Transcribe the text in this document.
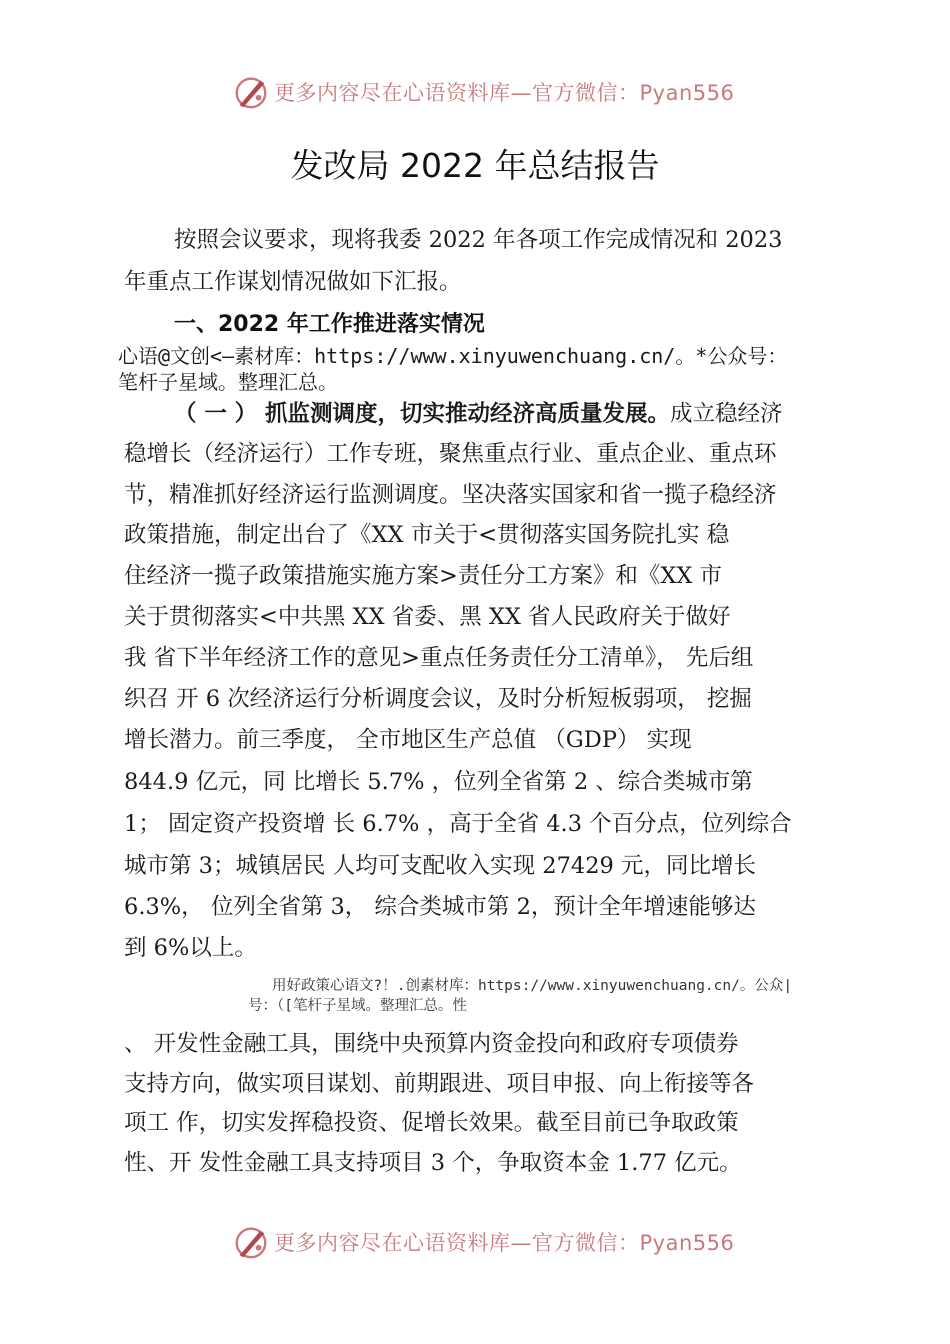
更多内容尽在心语资料库—官方微信：Pyan556
发改局 2022 年总结报告
按照会议要求，现将我委 2022 年各项工作完成情况和 2023
年重点工作谋划情况做如下汇报。
一、2022 年工作推进落实情况
心语@文创<—素材库：https://www.xinyuwenchuang.cn/。*公众号：
笔杆子星域。整理汇总。
（ 一 ） 抓监测调度，切实推动经济高质量发展。成立稳经济
稳增长（经济运行）工作专班，聚焦重点行业、重点企业、重点环
节，精准抓好经济运行监测调度。坚决落实国家和省一揽子稳经济
政策措施，制定出台了《XX 市关于<贯彻落实国务院扎实 稳
住经济一揽子政策措施实施方案>责任分工方案》和《XX 市
关于贯彻落实<中共黑 XX 省委、黑 XX 省人民政府关于做好
我 省下半年经济工作的意见>重点任务责任分工清单》， 先后组
织召 开 6 次经济运行分析调度会议，及时分析短板弱项， 挖掘
增长潜力。前三季度， 全市地区生产总值 （GDP） 实现
844.9 亿元，同 比增长 5.7% ，位列全省第 2 、综合类城市第
1； 固定资产投资增 长 6.7% ，高于全省 4.3 个百分点，位列综合
城市第 3；城镇居民 人均可支配收入实现 27429 元，同比增长
6.3%， 位列全省第 3， 综合类城市第 2，预计全年增速能够达
到 6%以上。
用好政策心语文?！.创素材库：https://www.xinyuwenchuang.cn/。公众|
号：（[笔杆子星域。整理汇总。性
、 开发性金融工具，围绕中央预算内资金投向和政府专项债券
支持方向，做实项目谋划、前期跟进、项目申报、向上衔接等各
项工 作，切实发挥稳投资、促增长效果。截至目前已争取政策
性、开 发性金融工具支持项目 3 个，争取资本金 1.77 亿元。
更多内容尽在心语资料库—官方微信：Pyan556
